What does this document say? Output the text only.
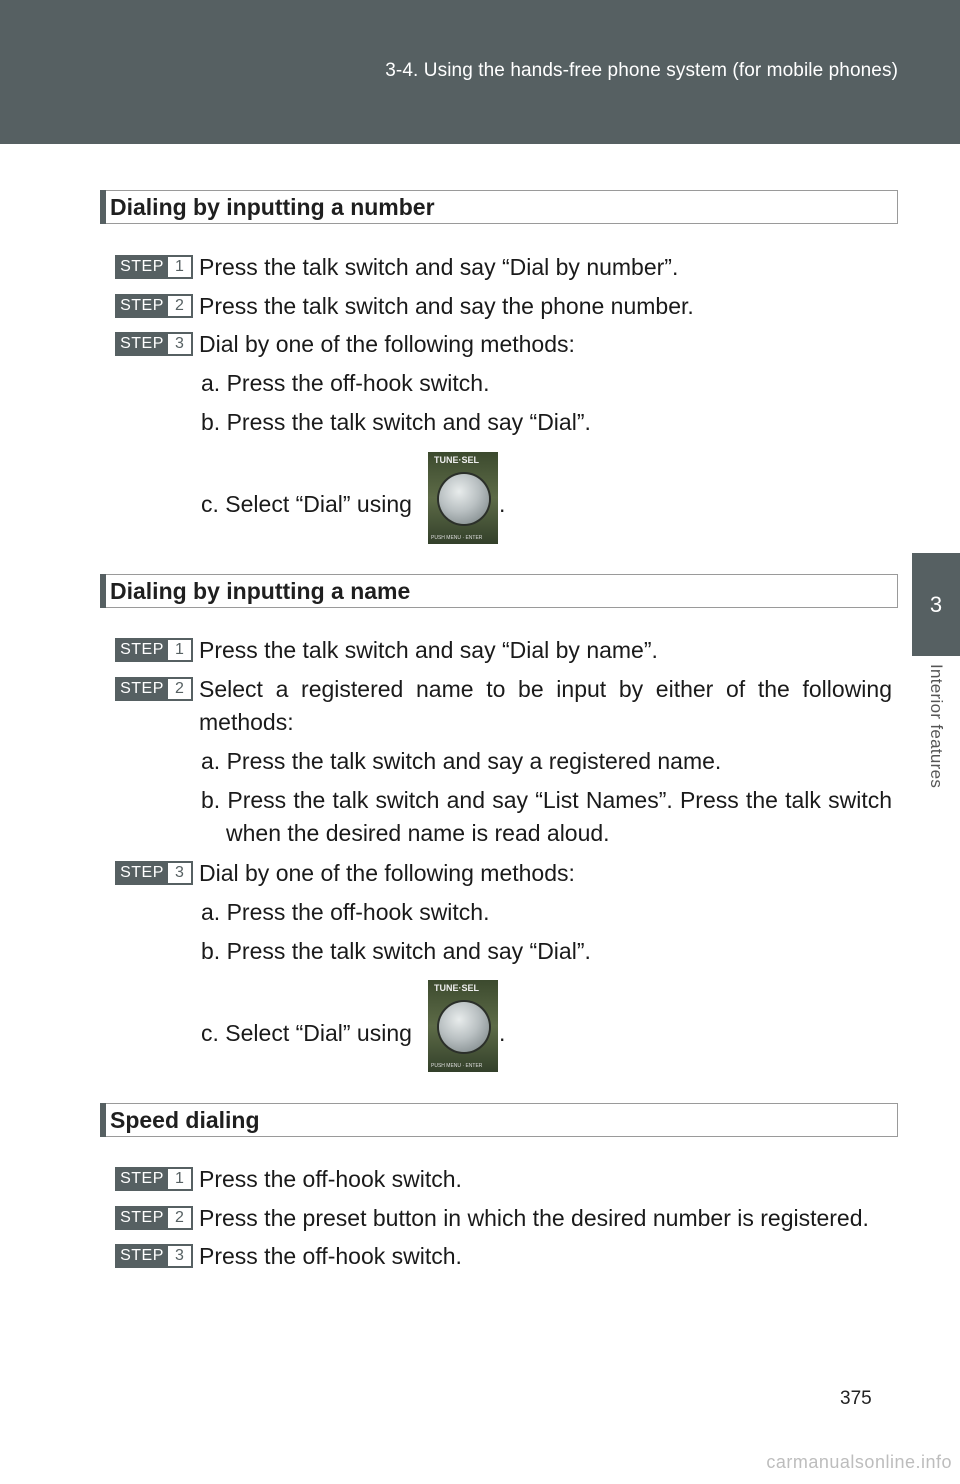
3-4. Using the hands-free phone system (for mobile phones)
3
Interior features
Dialing by inputting a number
STEP 1 Press the talk switch and say “Dial by number”.
STEP 2 Press the talk switch and say the phone number.
STEP 3 Dial by one of the following methods:
a. Press the off-hook switch.
b. Press the talk switch and say “Dial”.
c. Select “Dial” using
TUNE·SEL
PUSH MENU · ENTER
.
Dialing by inputting a name
STEP 1 Press the talk switch and say “Dial by name”.
STEP 2 Select a registered name to be input by either of the following
methods:
a. Press the talk switch and say a registered name.
b. Press the talk switch and say “List Names”. Press the talk switch
when the desired name is read aloud.
STEP 3 Dial by one of the following methods:
a. Press the off-hook switch.
b. Press the talk switch and say “Dial”.
c. Select “Dial” using
TUNE·SEL
PUSH MENU · ENTER
.
Speed dialing
STEP 1 Press the off-hook switch.
STEP 2 Press the preset button in which the desired number is registered.
STEP 3 Press the off-hook switch.
375
carmanualsonline.info
